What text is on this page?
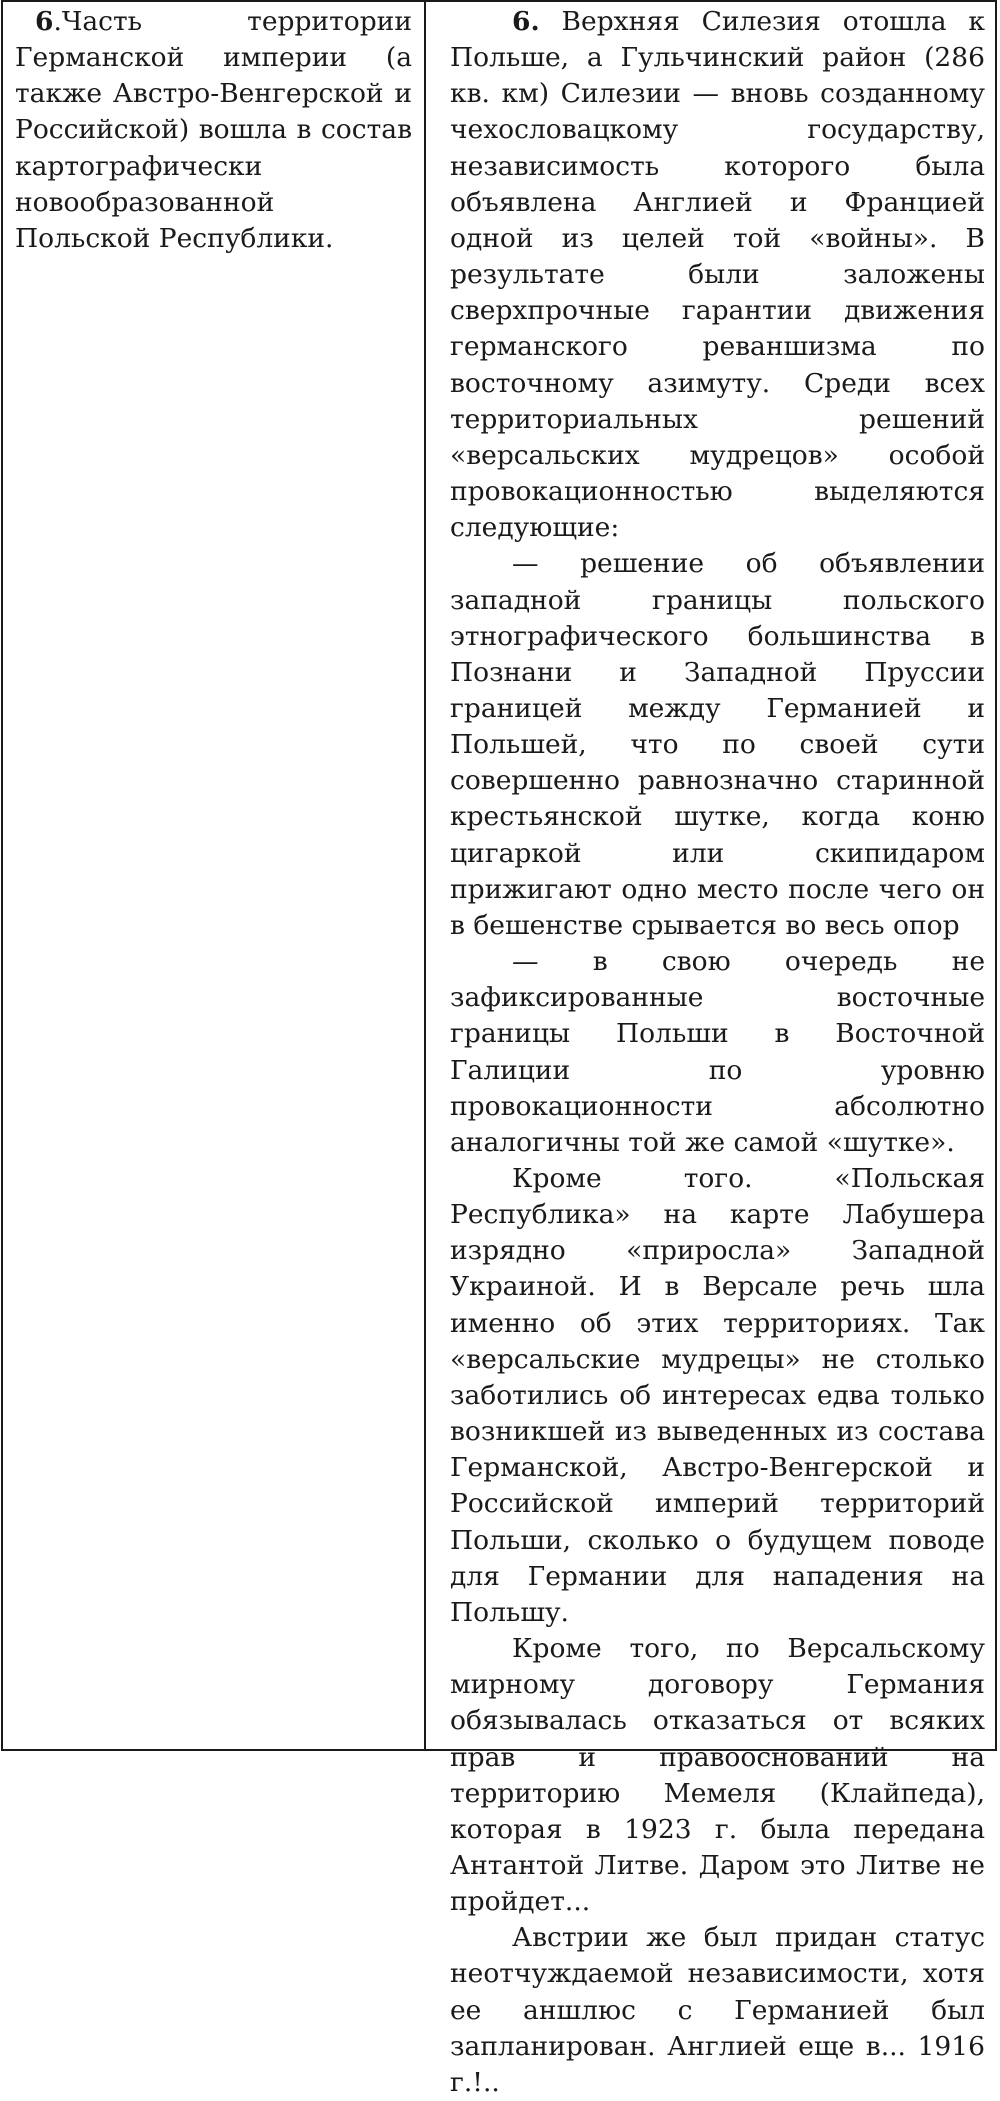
6.Часть территории Германской империи (а также Австро-Венгерской и Российской) вошла в состав картографически новообразованной Польской Республики.

6. Верхняя Силезия отошла к Польше, а Гульчинский район (286 кв. км) Силезии — вновь созданному чехословацкому государству, независимость которого была объявлена Англией и Францией одной из целей той «войны». В результате были заложены сверхпрочные гарантии движения германского реваншизма по восточному азимуту. Среди всех территориальных решений «версальских мудрецов» особой провокационностью выделяются следующие:

— решение об объявлении западной границы польского этнографического большинства в Познани и Западной Пруссии границей между Германией и Польшей, что по своей сути совершенно равнозначно старинной крестьянской шутке, когда коню цигаркой или скипидаром прижигают одно место после чего он в бешенстве срывается во весь опор

— в свою очередь не зафиксированные восточные границы Польши в Восточной Галиции по уровню провокационности абсолютно аналогичны той же самой «шутке».

Кроме того. «Польская Республика» на карте Лабушера изрядно «приросла» Западной Украиной. И в Версале речь шла именно об этих территориях. Так «версальские мудрецы» не столько заботились об интересах едва только возникшей из выведенных из состава Германской, Австро-Венгерской и Российской империй территорий Польши, сколько о будущем поводе для Германии для нападения на Польшу.

Кроме того, по Версальскому мирному договору Германия обязывалась отказаться от всяких прав и правооснований на территорию Мемеля (Клайпеда), которая в 1923 г. была передана Антантой Литве. Даром это Литве не пройдет...

Австрии же был придан статус неотчуждаемой независимости, хотя ее аншлюс с Германией был запланирован. Англией еще в... 1916 г.!..
